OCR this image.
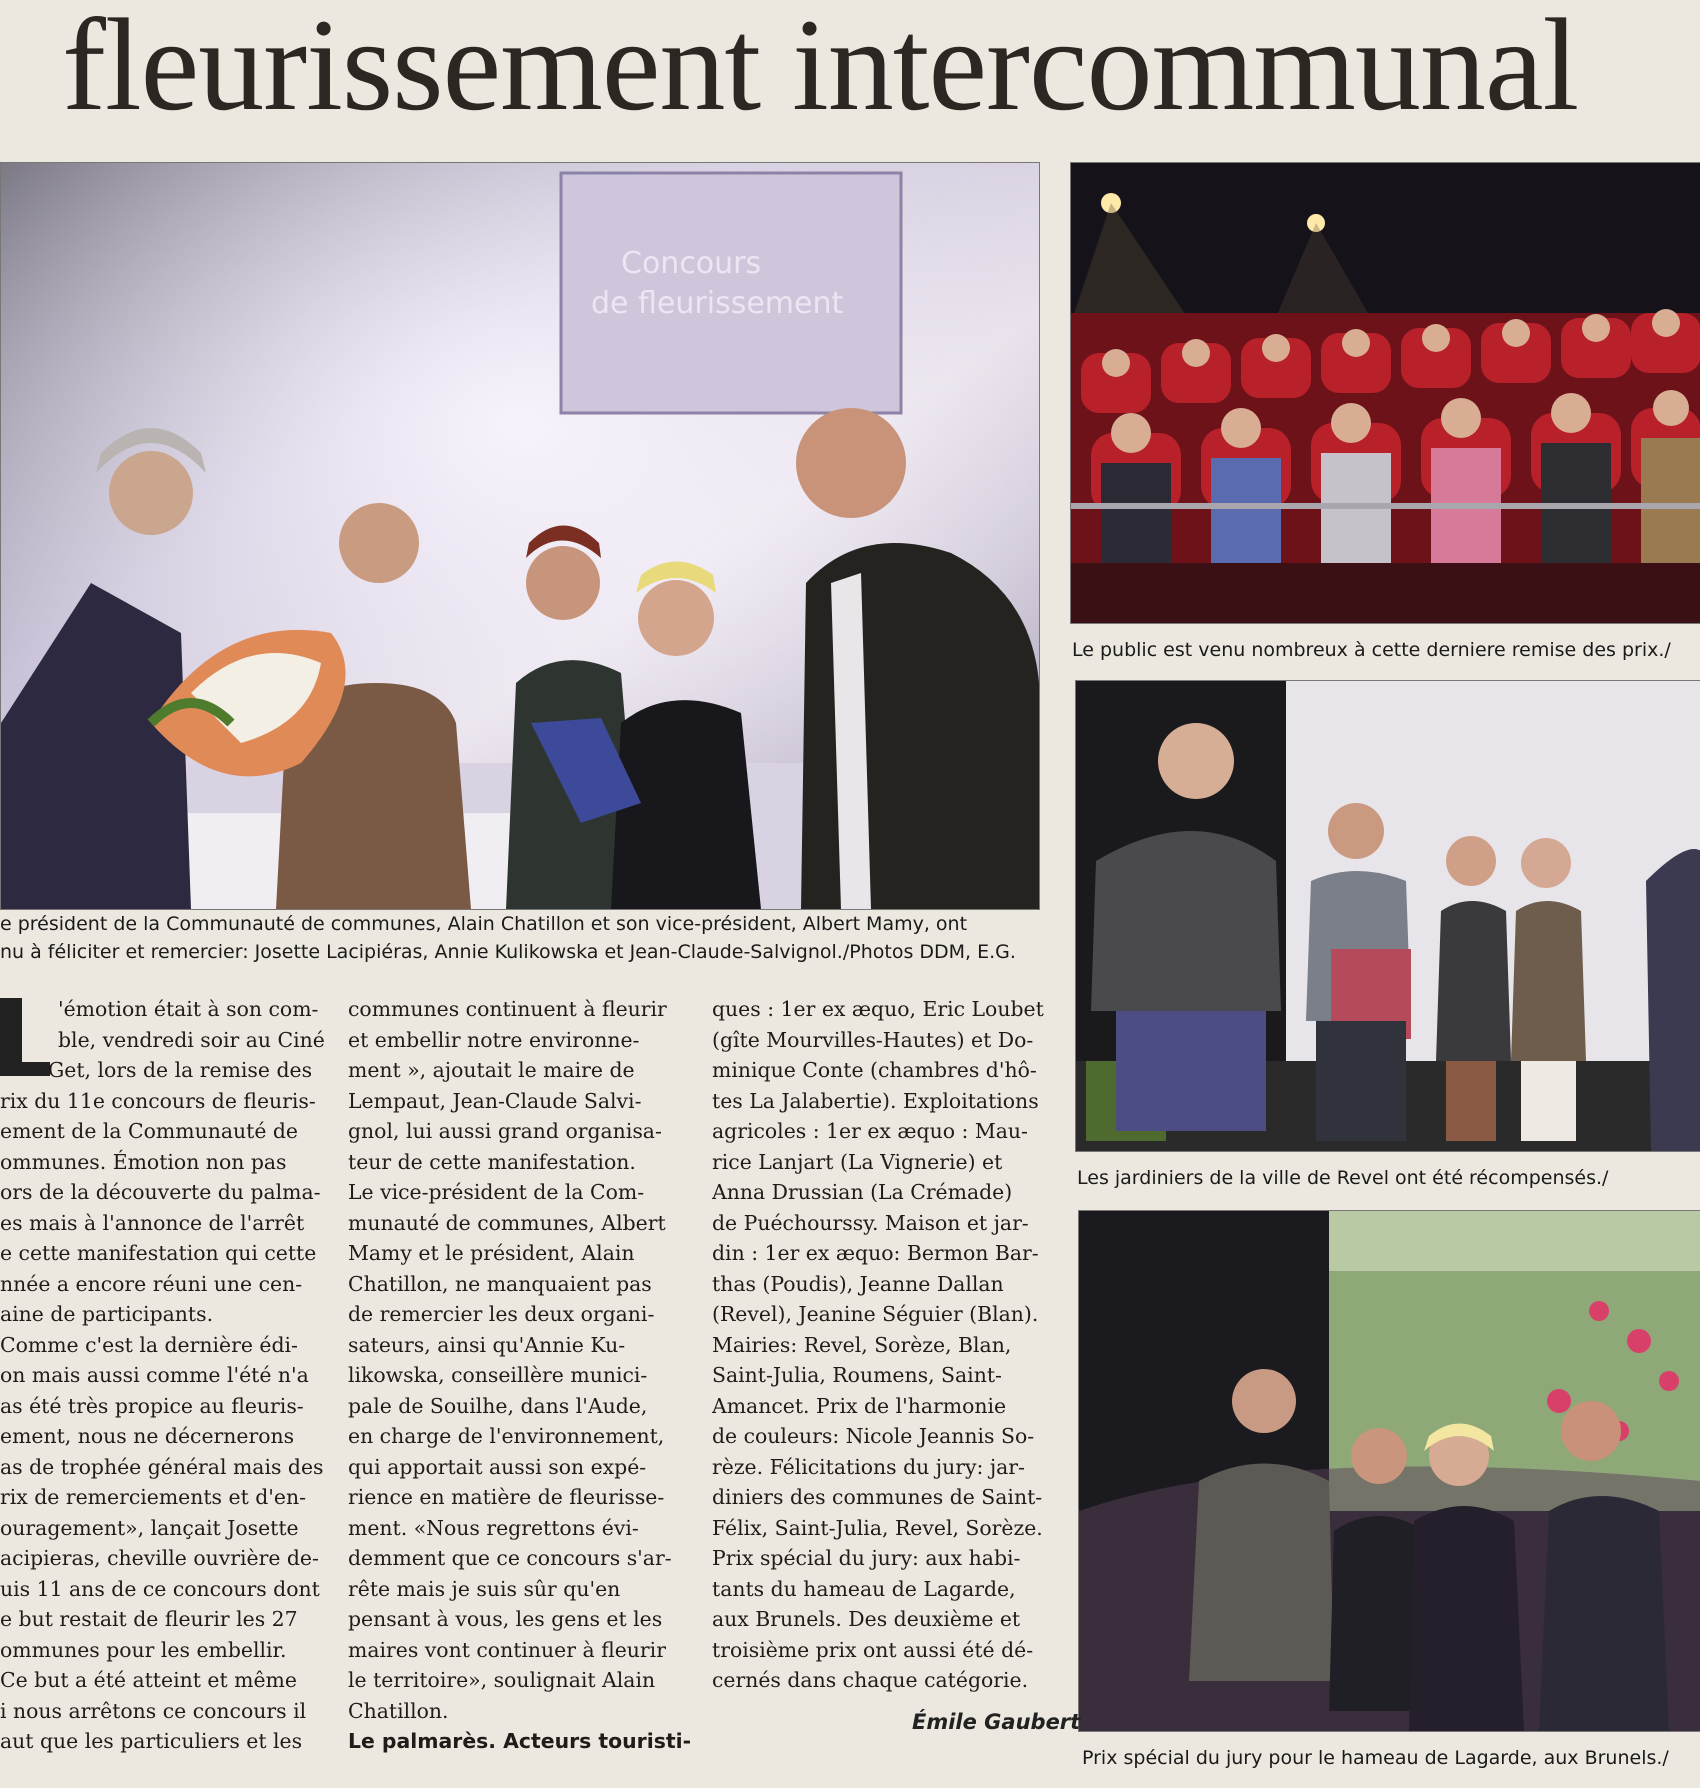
fleurissement intercommunal
Concours
de fleurissement
e président de la Communauté de communes, Alain Chatillon et son vice-président, Albert Mamy, ont
nu à féliciter et remercier: Josette Lacipiéras, Annie Kulikowska et Jean-Claude-Salvignol./Photos DDM, E.G.
Le public est venu nombreux à cette derniere remise des prix./
Les jardiniers de la ville de Revel ont été récompensés./
Prix spécial du jury pour le hameau de Lagarde, aux Brunels./

'émotion était à son com-

ble, vendredi soir au Ciné

Get, lors de la remise des

rix du 11e concours de fleuris-

ement de la Communauté de

ommunes. Émotion non pas

ors de la découverte du palma-

es mais à l'annonce de l'arrêt

e cette manifestation qui cette

nnée a encore réuni une cen-

aine de participants.

Comme c'est la dernière édi-

on mais aussi comme l'été n'a

as été très propice au fleuris-

ement, nous ne décernerons

as de trophée général mais des

rix de remerciements et d'en-

ouragement», lançait Josette

acipieras, cheville ouvrière de-

uis 11 ans de ce concours dont

e but restait de fleurir les 27

ommunes pour les embellir.

Ce but a été atteint et même

i nous arrêtons ce concours il

aut que les particuliers et les

communes continuent à fleurir

et embellir notre environne-

ment », ajoutait le maire de

Lempaut, Jean-Claude Salvi-

gnol, lui aussi grand organisa-

teur de cette manifestation.

Le vice-président de la Com-

munauté de communes, Albert

Mamy et le président, Alain

Chatillon, ne manquaient pas

de remercier les deux organi-

sateurs, ainsi qu'Annie Ku-

likowska, conseillère munici-

pale de Souilhe, dans l'Aude,

en charge de l'environnement,

qui apportait aussi son expé-

rience en matière de fleurisse-

ment. «Nous regrettons évi-

demment que ce concours s'ar-

rête mais je suis sûr qu'en

pensant à vous, les gens et les

maires vont continuer à fleurir

le territoire», soulignait Alain

Chatillon.

Le palmarès. Acteurs touristi-

ques : 1er ex æquo, Eric Loubet

(gîte Mourvilles-Hautes) et Do-

minique Conte (chambres d'hô-

tes La Jalabertie). Exploitations

agricoles : 1er ex æquo : Mau-

rice Lanjart (La Vignerie) et

Anna Drussian (La Crémade)

de Puéchourssy. Maison et jar-

din : 1er ex æquo: Bermon Bar-

thas (Poudis), Jeanne Dallan

(Revel), Jeanine Séguier (Blan).

Mairies: Revel, Sorèze, Blan,

Saint-Julia, Roumens, Saint-

Amancet. Prix de l'harmonie

de couleurs: Nicole Jeannis So-

rèze. Félicitations du jury: jar-

diniers des communes de Saint-

Félix, Saint-Julia, Revel, Sorèze.

Prix spécial du jury: aux habi-

tants du hameau de Lagarde,

aux Brunels. Des deuxième et

troisième prix ont aussi été dé-

cernés dans chaque catégorie.

Émile Gaubert
